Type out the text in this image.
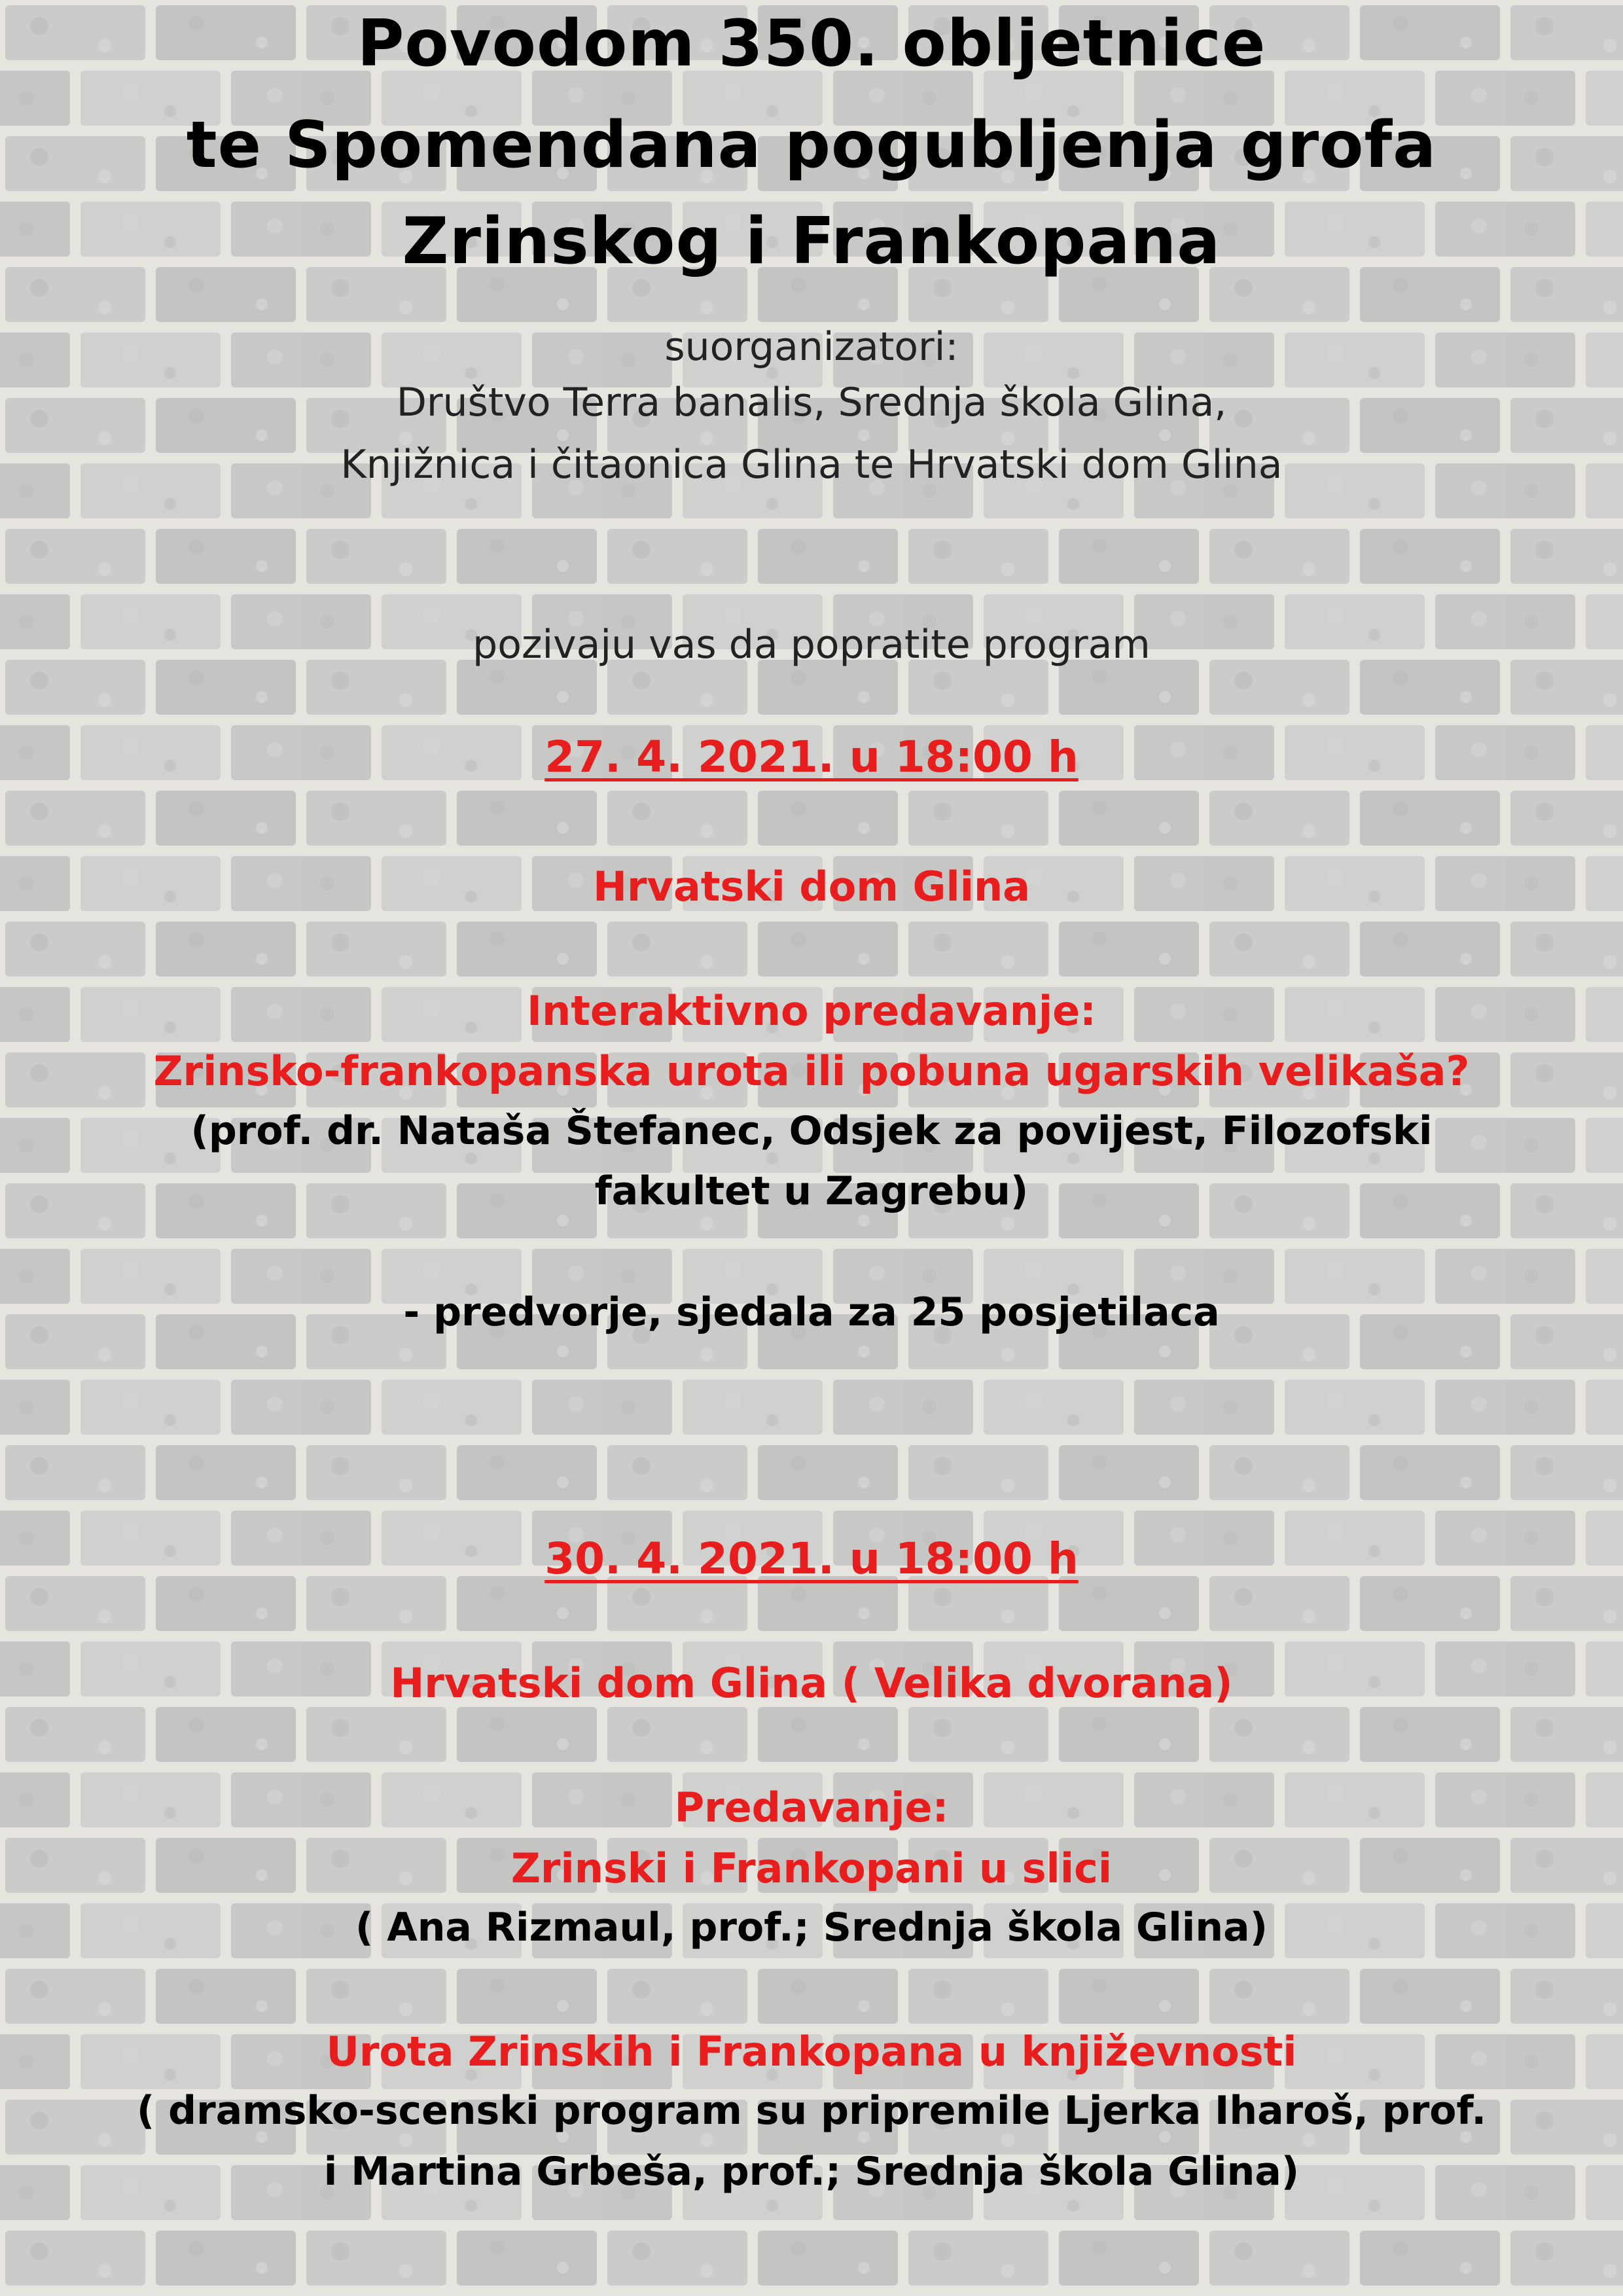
Povodom 350. obljetnice

te Spomendana pogubljenja grofa

Zrinskog i Frankopana

suorganizatori:

Društvo Terra banalis, Srednja škola Glina,

Knjižnica i čitaonica Glina te Hrvatski dom Glina

pozivaju vas da popratite program

27. 4. 2021. u 18:00 h

Hrvatski dom Glina

Interaktivno predavanje:

Zrinsko-frankopanska urota ili pobuna ugarskih velikaša?

(prof. dr. Nataša Štefanec, Odsjek za povijest, Filozofski

fakultet u Zagrebu)

- predvorje, sjedala za 25 posjetilaca

30. 4. 2021. u 18:00 h

Hrvatski dom Glina ( Velika dvorana)

Predavanje:

Zrinski i Frankopani u slici

( Ana Rizmaul, prof.; Srednja škola Glina)

Urota Zrinskih i Frankopana u književnosti

( dramsko-scenski program su pripremile Ljerka Iharoš, prof.

i Martina Grbeša, prof.; Srednja škola Glina)
